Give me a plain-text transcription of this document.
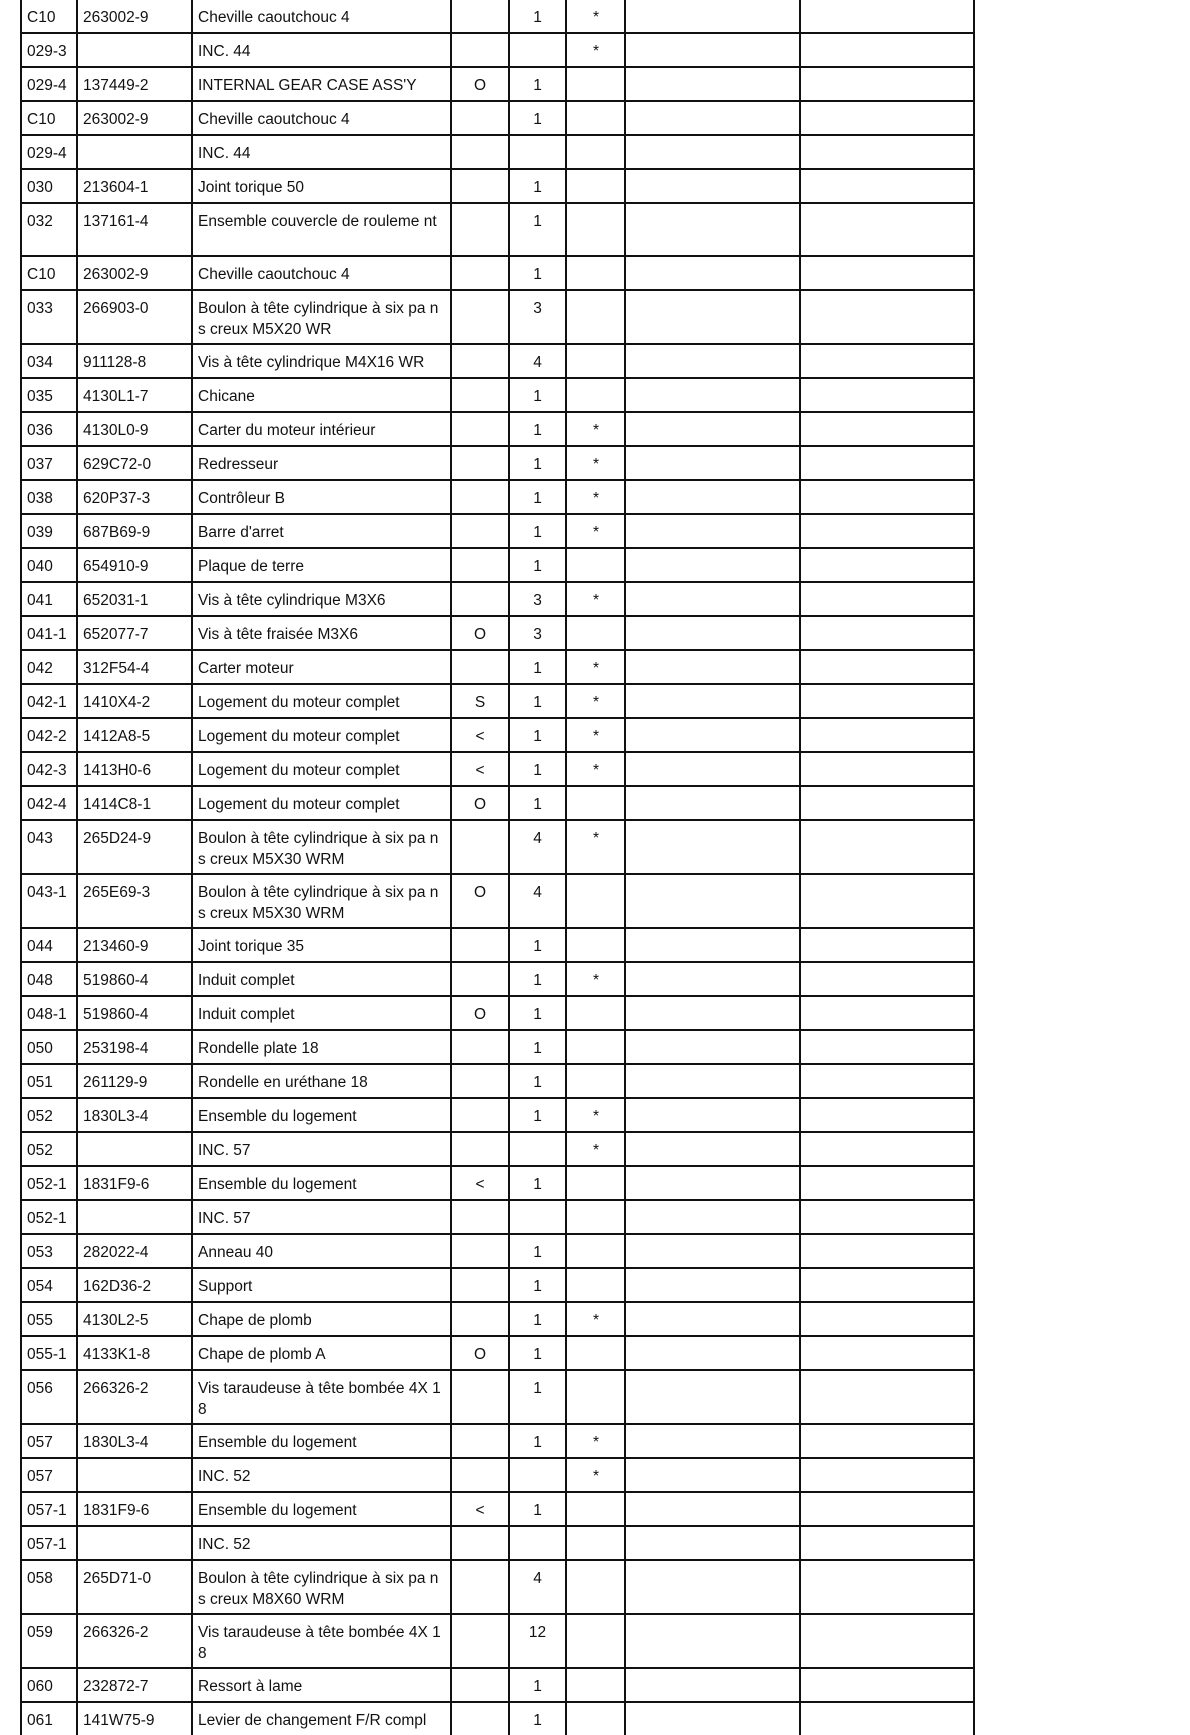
C10	263002-9	Cheville caoutchouc 4		1	*		
029-3		INC. 44			*		
029-4	137449-2	INTERNAL GEAR CASE ASS'Y	O	1			
C10	263002-9	Cheville caoutchouc 4		1			
029-4		INC. 44					
030	213604-1	Joint torique 50		1			
032	137161-4	Ensemble couvercle de rouleme nt		1			
C10	263002-9	Cheville caoutchouc 4		1			
033	266903-0	Boulon à tête cylindrique à six pa ns creux M5X20 WR		3			
034	911128-8	Vis à tête cylindrique M4X16 WR		4			
035	4130L1-7	Chicane		1			
036	4130L0-9	Carter du moteur intérieur		1	*		
037	629C72-0	Redresseur		1	*		
038	620P37-3	Contrôleur B		1	*		
039	687B69-9	Barre d'arret		1	*		
040	654910-9	Plaque de terre		1			
041	652031-1	Vis à tête cylindrique M3X6		3	*		
041-1	652077-7	Vis à tête fraisée M3X6	O	3			
042	312F54-4	Carter moteur		1	*		
042-1	1410X4-2	Logement du moteur complet	S	1	*		
042-2	1412A8-5	Logement du moteur complet	<	1	*		
042-3	1413H0-6	Logement du moteur complet	<	1	*		
042-4	1414C8-1	Logement du moteur complet	O	1			
043	265D24-9	Boulon à tête cylindrique à six pa ns creux M5X30 WRM		4	*		
043-1	265E69-3	Boulon à tête cylindrique à six pa ns creux M5X30 WRM	O	4			
044	213460-9	Joint torique 35		1			
048	519860-4	Induit complet		1	*		
048-1	519860-4	Induit complet	O	1			
050	253198-4	Rondelle plate 18		1			
051	261129-9	Rondelle en uréthane 18		1			
052	1830L3-4	Ensemble du logement		1	*		
052		INC. 57			*		
052-1	1831F9-6	Ensemble du logement	<	1			
052-1		INC. 57					
053	282022-4	Anneau 40		1			
054	162D36-2	Support		1			
055	4130L2-5	Chape de plomb		1	*		
055-1	4133K1-8	Chape de plomb A	O	1			
056	266326-2	Vis taraudeuse à tête bombée 4X 18		1			
057	1830L3-4	Ensemble du logement		1	*		
057		INC. 52			*		
057-1	1831F9-6	Ensemble du logement	<	1			
057-1		INC. 52					
058	265D71-0	Boulon à tête cylindrique à six pa ns creux M8X60 WRM		4			
059	266326-2	Vis taraudeuse à tête bombée 4X 18		12			
060	232872-7	Ressort à lame		1			
061	141W75-9	Levier de changement F/R compl		1			
